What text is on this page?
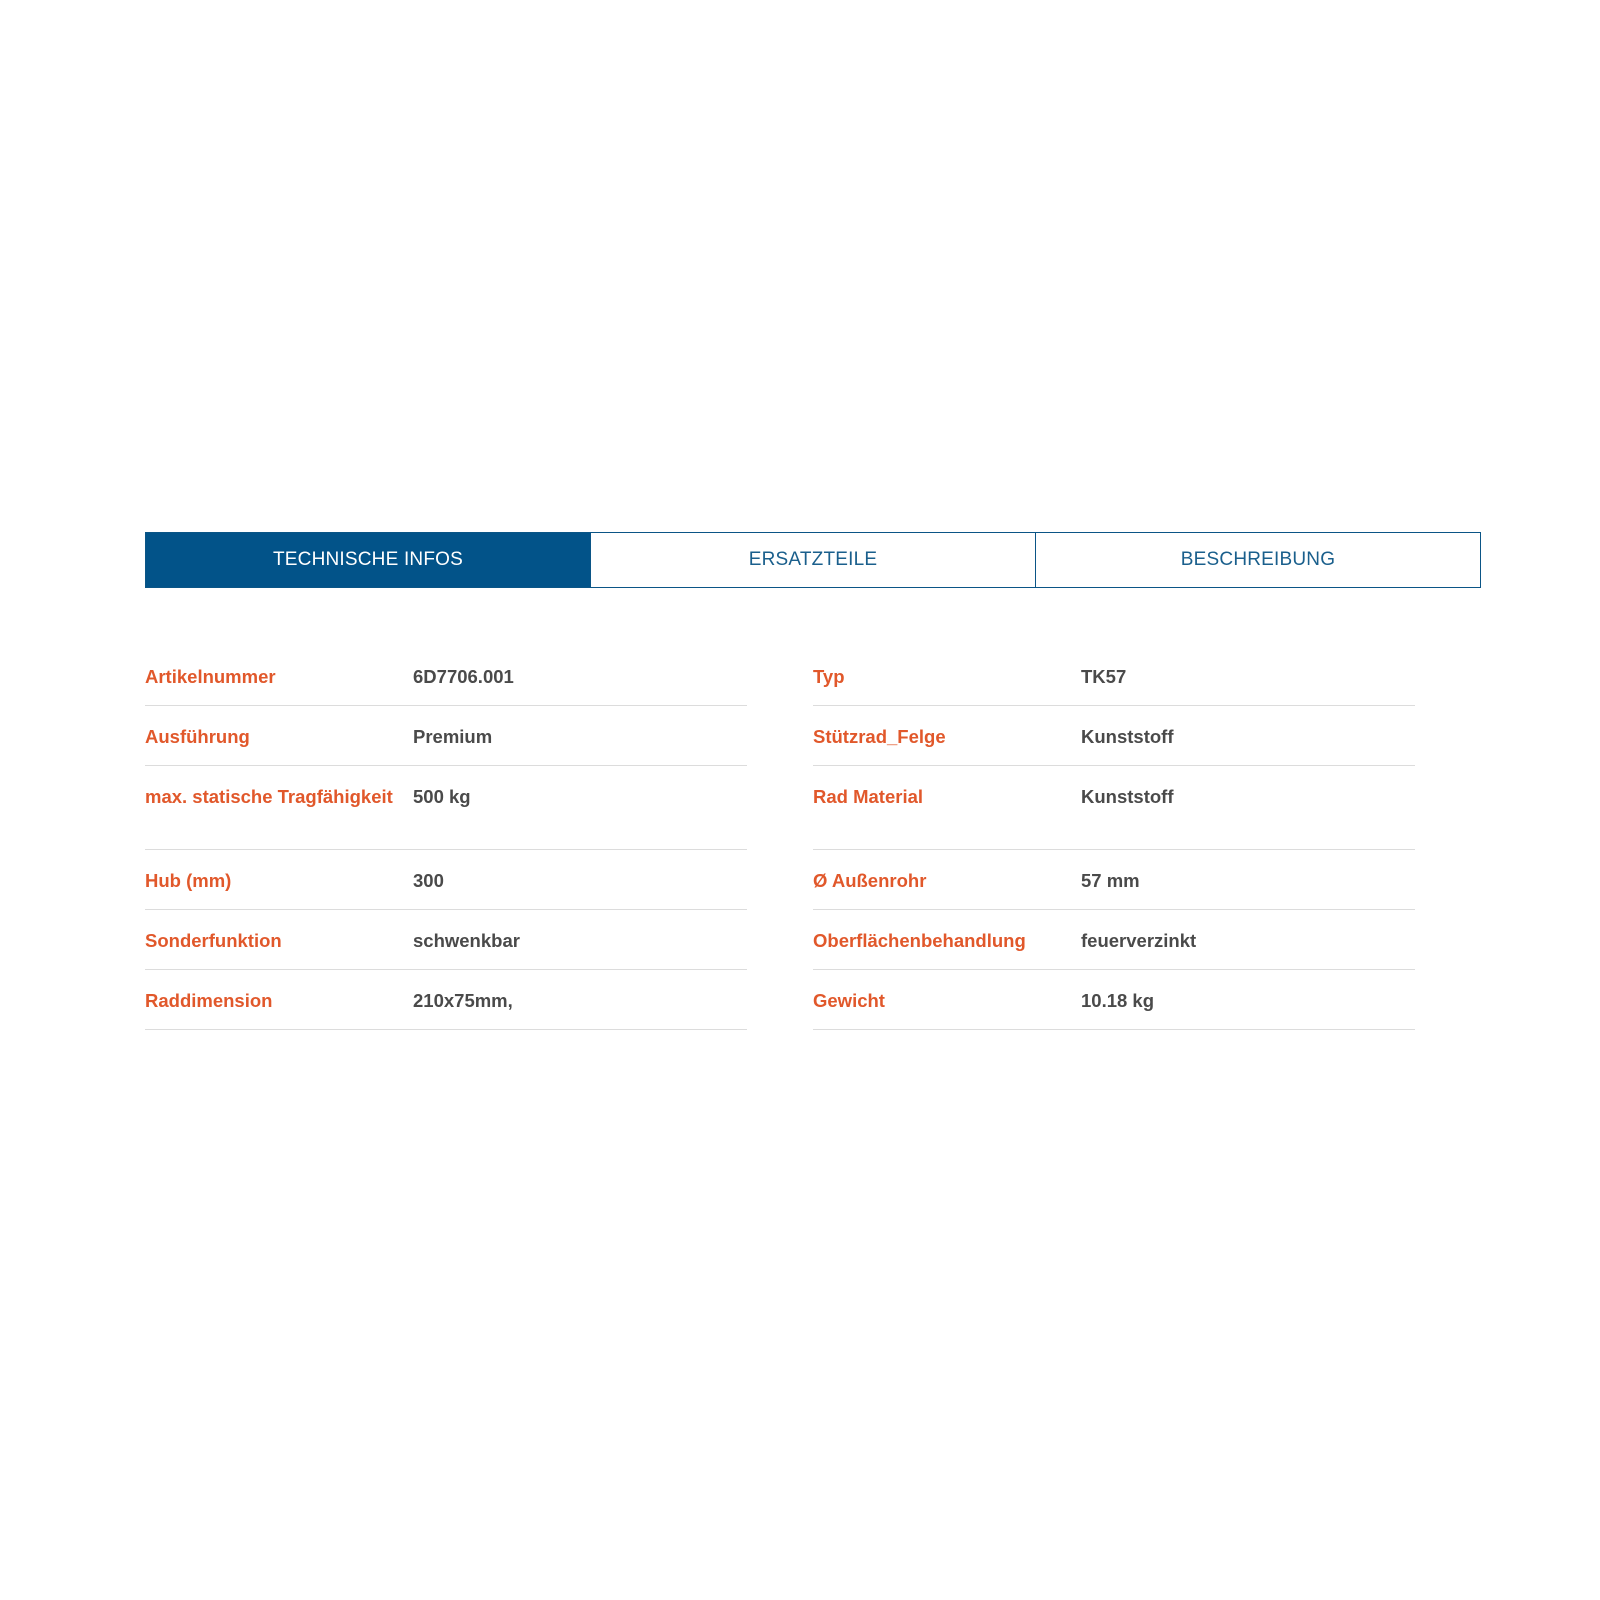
TECHNISCHE INFOS	ERSATZTEILE	BESCHREIBUNG
Artikelnummer	6D7706.001
Ausführung	Premium
max. statische Tragfähigkeit	500 kg
Hub (mm)	300
Sonderfunktion	schwenkbar
Raddimension	210x75mm,
Typ	TK57
Stützrad_Felge	Kunststoff
Rad Material	Kunststoff
Ø Außenrohr	57 mm
Oberflächenbehandlung	feuerverzinkt
Gewicht	10.18 kg
